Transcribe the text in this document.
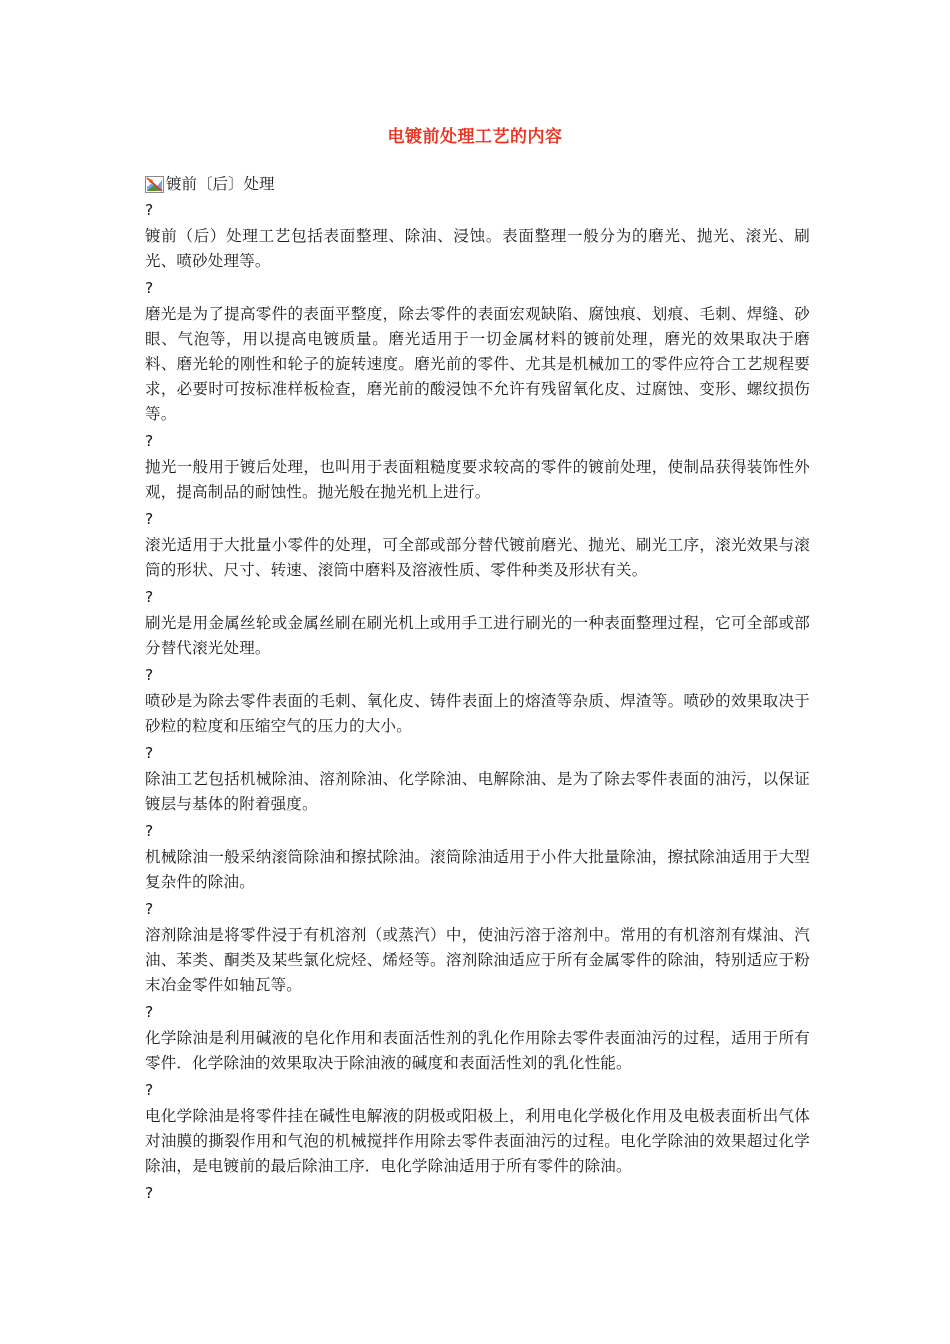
电镀前处理工艺的内容
镀前〔后〕处理
?

镀前（后）处理工艺包括表面整理、除油、浸蚀。表面整理一般分为的磨光、抛光、滚光、刷光、喷砂处理等。

?

磨光是为了提高零件的表面平整度，除去零件的表面宏观缺陷、腐蚀痕、划痕、毛刺、焊缝、砂眼、气泡等，用以提高电镀质量。磨光适用于一切金属材料的镀前处理，磨光的效果取决于磨料、磨光轮的刚性和轮子的旋转速度。磨光前的零件、尤其是机械加工的零件应符合工艺规程要求，必要时可按标准样板检查，磨光前的酸浸蚀不允许有残留氧化皮、过腐蚀、变形、螺纹损伤等。

?

抛光一般用于镀后处理，也叫用于表面粗糙度要求较高的零件的镀前处理，使制品获得装饰性外观，提高制品的耐蚀性。抛光般在抛光机上进行。

?

滚光适用于大批量小零件的处理，可全部或部分替代镀前磨光、抛光、刷光工序，滚光效果与滚筒的形状、尺寸、转速、滚筒中磨料及溶液性质、零件种类及形状有关。

?

刷光是用金属丝轮或金属丝刷在刷光机上或用手工进行刷光的一种表面整理过程，它可全部或部分替代滚光处理。

?

喷砂是为除去零件表面的毛刺、氧化皮、铸件表面上的熔渣等杂质、焊渣等。喷砂的效果取决于砂粒的粒度和压缩空气的压力的大小。

?

除油工艺包括机械除油、溶剂除油、化学除油、电解除油、是为了除去零件表面的油污，以保证镀层与基体的附着强度。

?

机械除油一般采纳滚筒除油和擦拭除油。滚筒除油适用于小件大批量除油，擦拭除油适用于大型复杂件的除油。

?

溶剂除油是将零件浸于有机溶剂（或蒸汽）中，使油污溶于溶剂中。常用的有机溶剂有煤油、汽油、苯类、酮类及某些氯化烷烃、烯烃等。溶剂除油适应于所有金属零件的除油，特别适应于粉末冶金零件如轴瓦等。

?

化学除油是利用碱液的皂化作用和表面活性剂的乳化作用除去零件表面油污的过程，适用于所有零件．化学除油的效果取决于除油液的碱度和表面活性刘的乳化性能。

?

电化学除油是将零件挂在碱性电解液的阴极或阳极上，利用电化学极化作用及电极表面析出气体对油膜的撕裂作用和气泡的机械搅拌作用除去零件表面油污的过程。电化学除油的效果超过化学除油，是电镀前的最后除油工序．电化学除油适用于所有零件的除油。

?
